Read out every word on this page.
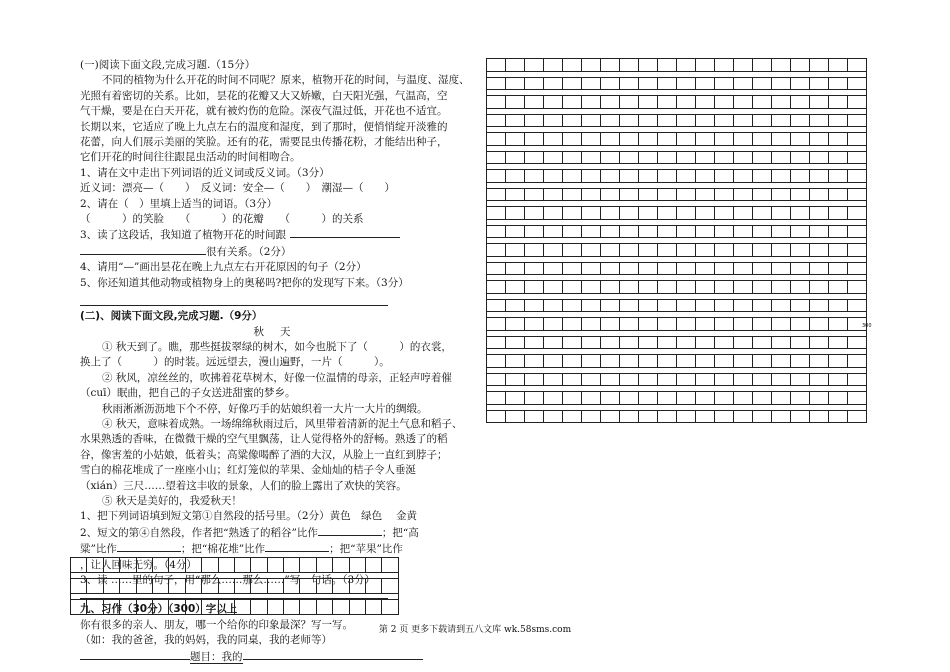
(一)阅读下面文段,完成习题.（15分）

不同的植物为什么开花的时间不同呢？原来，植物开花的时间，与温度、湿度、

光照有着密切的关系。比如，昙花的花瓣又大又娇嫩，白天阳光强，气温高，空

气干燥，要是在白天开花，就有被灼伤的危险。深夜气温过低，开花也不适宜。

长期以来，它适应了晚上九点左右的温度和湿度，到了那时，便悄悄绽开淡雅的

花蕾，向人们展示美丽的笑脸。还有的花，需要昆虫传播花粉，才能结出种子，

它们开花的时间往往跟昆虫活动的时间相吻合。

1、请在文中走出下列词语的近义词或反义词。（3分）

近义词：漂亮—（　　）　反义词：安全—（　　）　潮湿—（　　）

2、请在（　）里填上适当的词语。（3分）

（　　　）的笑脸　　（　　　）的花瓣　　（　　　）的关系

3、读了这段话，我知道了植物开花的时间跟

很有关系。（2分）

4、请用“—”画出昙花在晚上九点左右开花原因的句子（2分）

5、你还知道其他动物或植物身上的奥秘吗?把你的发现写下来。（3分）

(二)、阅读下面文段,完成习题.（9分）

秋天

① 秋天到了。瞧，那些挺拔翠绿的树木，如今也脱下了（　　　）的衣裳，

换上了（　　　）的时装。远远望去，漫山遍野，一片（　　　）。

② 秋风，凉丝丝的，吹拂着花草树木，好像一位温情的母亲，正轻声哼着催

（cuī）眠曲，把自己的子女送进甜蜜的梦乡。

秋雨淅淅沥沥地下个不停，好像巧手的姑娘织着一大片一大片的绸缎。

④ 秋天，意味着成熟。一场绵绵秋雨过后，风里带着清新的泥土气息和稻子、

水果熟透的香味，在微微干燥的空气里飘荡，让人觉得格外的舒畅。熟透了的稻

谷，像害羞的小姑娘，低着头；高粱像喝醉了酒的大汉，从脸上一直红到脖子；

雪白的棉花堆成了一座座小山；红灯笼似的苹果、金灿灿的桔子令人垂涎

（xián）三尺……望着这丰收的景象，人们的脸上露出了欢快的笑容。

⑤ 秋天是美好的，我爱秋天！

1、把下列词语填到短文第①自然段的括号里。（2分）黄色　绿色　 金黄

2、短文的第④自然段，作者把“熟透了的稻谷”比作	；把“高

粱”比作	；把“棉花堆”比作	；把“苹果”比作

，让人回味无穷。（4分）

3、读 ……里的句子，用“那么……那么……”写一句话。（3分）

九、习作（30分）（300）字以上

你有很多的亲人、朋友，哪一个给你的印象最深？写一写。

（如：我的爸爸，我的妈妈，我的同桌，我的老师等）

题目：我的

300
第 2 页 更多下载请到五八文库 wk.58sms.com
